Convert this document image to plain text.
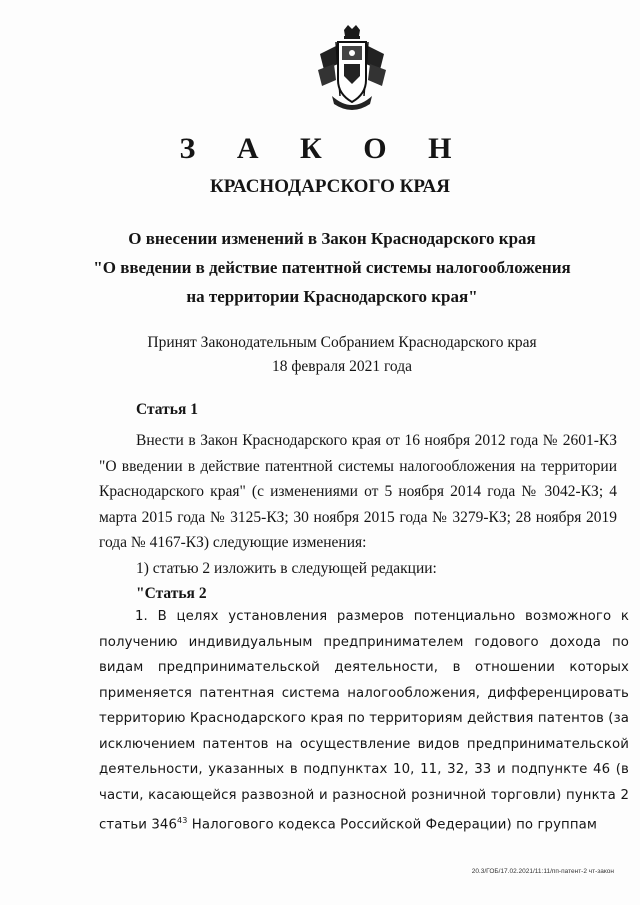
З А К О Н
КРАСНОДАРСКОГО КРАЯ
О внесении изменений в Закон Краснодарского края
"О введении в действие патентной системы налогообложения
на территории Краснодарского края"
Принят Законодательным Собранием Краснодарского края
18 февраля 2021 года
Статья 1

Внести в Закон Краснодарского края от 16 ноября 2012 года № 2601-КЗ "О введении в действие патентной системы налогообложения на территории Краснодарского края" (с изменениями от 5 ноября 2014 года № 3042-КЗ; 4 марта 2015 года № 3125-КЗ; 30 ноября 2015 года № 3279-КЗ; 28 ноября 2019 года № 4167-КЗ) следующие изменения:

1) статью 2 изложить в следующей редакции:

"Статья 2

1. В целях установления размеров потенциально возможного к получению индивидуальным предпринимателем годового дохода по видам предпринимательской деятельности, в отношении которых применяется патентная система налогообложения, дифференцировать территорию Краснодарского края по территориям действия патентов (за исключением патентов на осуществление видов предпринимательской деятельности, указанных в подпунктах 10, 11, 32, 33 и подпункте 46 (в части, касающейся развозной и разносной розничной торговли) пункта 2 статьи $346^{43}$ Налогового кодекса Российской Федерации) по группам

20.3/ГОБ/17.02.2021/11:11/пп-патент-2 чт-закон
